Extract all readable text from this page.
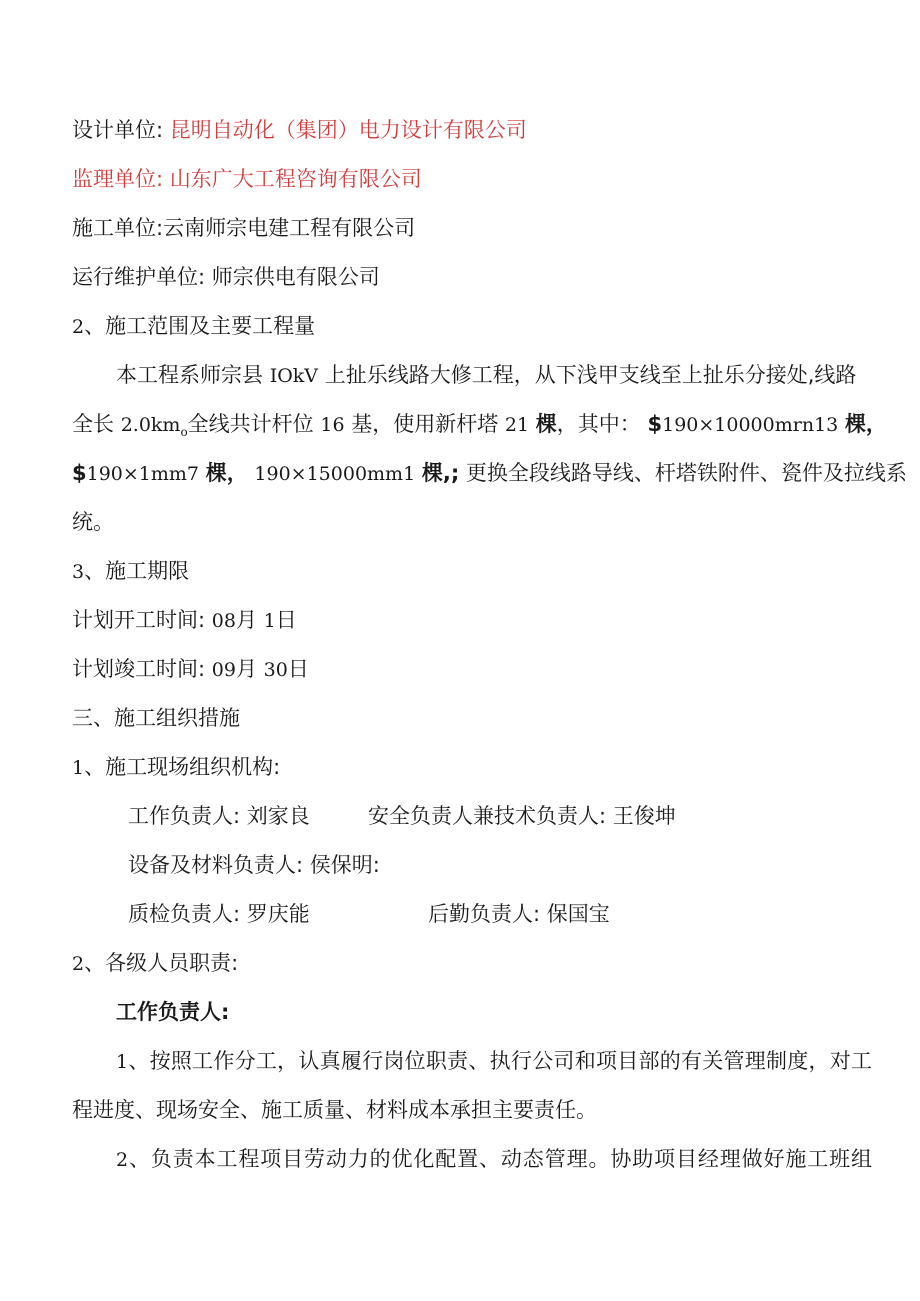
设计单位: 昆明自动化（集团）电力设计有限公司
监理单位: 山东广大工程咨询有限公司
施工单位:云南师宗电建工程有限公司
运行维护单位: 师宗供电有限公司
2、施工范围及主要工程量
本工程系师宗县 IOkV 上扯乐线路大修工程，从下浅甲支线至上扯乐分接处,线路
全长 $2.0km_o$全线共计杆位 16 基，使用新杆塔 21 棵，其中： $190×10000mrn13 棵，
$190×1mm7 棵， 190×15000mm1 棵,; 更换全段线路导线、杆塔铁附件、瓷件及拉线系
统。
3、施工期限
计划开工时间: 08月 1日
计划竣工时间: 09月 30日
三、施工组织措施
1、施工现场组织机构:
工作负责人: 刘家良	安全负责人兼技术负责人: 王俊坤
设备及材料负责人: 侯保明:
质检负责人: 罗庆能	后勤负责人: 保国宝
2、各级人员职责:
工作负责人:
1、按照工作分工，认真履行岗位职责、执行公司和项目部的有关管理制度，对工
程进度、现场安全、施工质量、材料成本承担主要责任。
2、负责本工程项目劳动力的优化配置、动态管理。协助项目经理做好施工班组
